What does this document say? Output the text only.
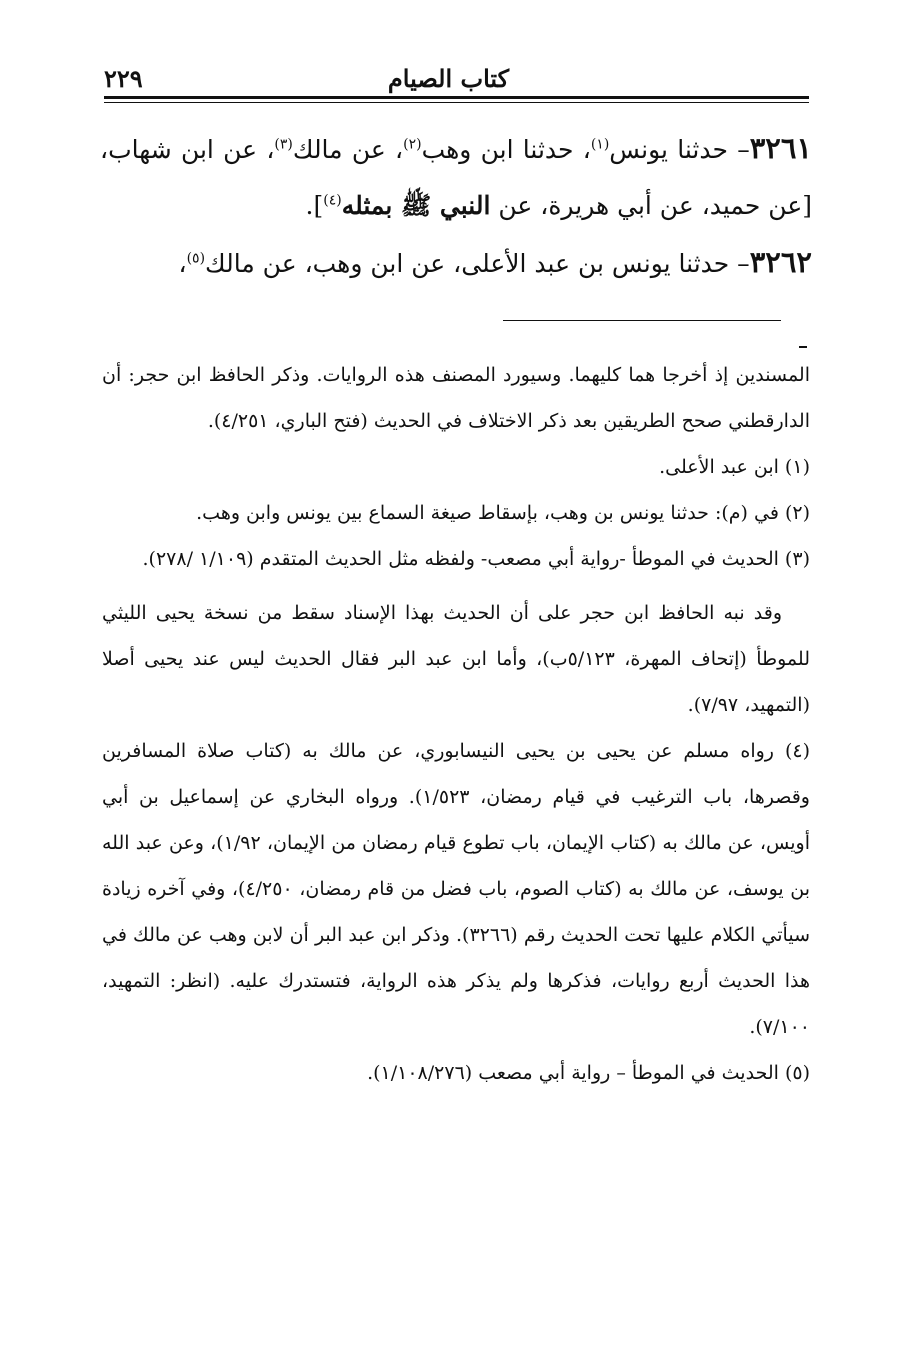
كتاب الصيام
٢٢٩

٣٢٦١– حدثنا يونس$^{(١)}$، حدثنا ابن وهب$^{(٢)}$، عن مالك$^{(٣)}$، عن ابن شهاب، [عن حميد، عن أبي هريرة، عن النبي ﷺ بمثله$^{(٤)}$].

٣٢٦٢– حدثنا يونس بن عبد الأعلى، عن ابن وهب، عن مالك$^{(٥)}$،

المسندين إذ أخرجا هما كليهما. وسيورد المصنف هذه الروايات. وذكر الحافظ ابن حجر: أن الدارقطني صحح الطريقين بعد ذكر الاختلاف في الحديث (فتح الباري، ٤/٢٥١).

(١) ابن عبد الأعلى.

(٢) في (م): حدثنا يونس بن وهب، بإسقاط صيغة السماع بين يونس وابن وهب.

(٣) الحديث في الموطأ -رواية أبي مصعب- ولفظه مثل الحديث المتقدم (١/١٠٩ /٢٧٨).

وقد نبه الحافظ ابن حجر على أن الحديث بهذا الإسناد سقط من نسخة يحيى الليثي للموطأ (إتحاف المهرة، ٥/١٢٣ب)، وأما ابن عبد البر فقال الحديث ليس عند يحيى أصلا (التمهيد، ٧/٩٧).

(٤) رواه مسلم عن يحيى بن يحيى النيسابوري، عن مالك به (كتاب صلاة المسافرين وقصرها، باب الترغيب في قيام رمضان، ١/٥٢٣). ورواه البخاري عن إسماعيل بن أبي أويس، عن مالك به (كتاب الإيمان، باب تطوع قيام رمضان من الإيمان، ١/٩٢)، وعن عبد الله بن يوسف، عن مالك به (كتاب الصوم، باب فضل من قام رمضان، ٤/٢٥٠)، وفي آخره زيادة سيأتي الكلام عليها تحت الحديث رقم (٣٢٦٦). وذكر ابن عبد البر أن لابن وهب عن مالك في هذا الحديث أربع روايات، فذكرها ولم يذكر هذه الرواية، فتستدرك عليه. (انظر: التمهيد، ٧/١٠٠).

(٥) الحديث في الموطأ – رواية أبي مصعب (١/١٠٨/٢٧٦).
